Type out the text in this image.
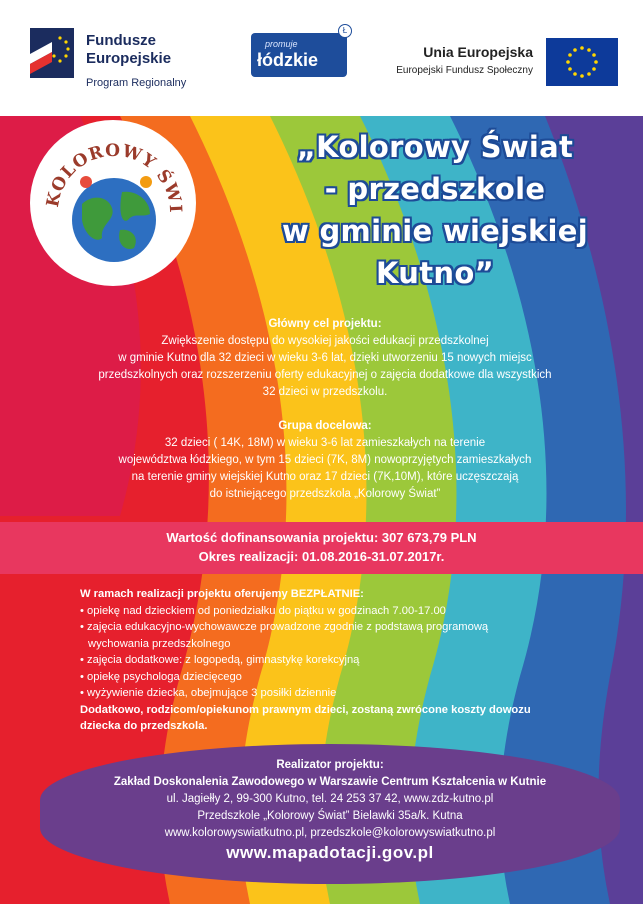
Fundusze
Europejskie
Program Regionalny
promuje
łódzkie
Ł
Unia Europejska
Europejski Fundusz Społeczny
KOLOROWY ŚWI
„Kolorowy Świat
- przedszkole
w gminie wiejskiej
Kutno”
Główny cel projektu:
Zwiększenie dostępu do wysokiej jakości edukacji przedszkolnej
w gminie Kutno dla 32 dzieci w wieku 3-6 lat, dzięki utworzeniu 15 nowych miejsc
przedszkolnych oraz rozszerzeniu oferty edukacyjnej o zajęcia dodatkowe dla wszystkich
32 dzieci w przedszkolu.
Grupa docelowa:
32 dzieci ( 14K, 18M) w wieku 3-6 lat zamieszkałych na terenie
województwa łódzkiego, w tym 15 dzieci (7K, 8M) nowoprzyjętych zamieszkałych
na terenie gminy wiejskiej Kutno oraz 17 dzieci (7K,10M), które uczęszczają
do istniejącego przedszkola „Kolorowy Świat”
Wartość dofinansowania projektu: 307 673,79 PLN
Okres realizacji: 01.08.2016-31.07.2017r.
W ramach realizacji projektu oferujemy BEZPŁATNIE:
• opiekę nad dzieckiem od poniedziałku do piątku w godzinach 7.00-17.00
• zajęcia edukacyjno-wychowawcze prowadzone zgodnie z podstawą programową
wychowania przedszkolnego
• zajęcia dodatkowe: z logopedą, gimnastykę korekcyjną
• opiekę psychologa dziecięcego
• wyżywienie dziecka, obejmujące 3 posiłki dziennie
Dodatkowo, rodzicom/opiekunom prawnym dzieci, zostaną zwrócone koszty dowozu
dziecka do przedszkola.
Realizator projektu:
Zakład Doskonalenia Zawodowego w Warszawie Centrum Kształcenia w Kutnie
ul. Jagiełły 2, 99-300 Kutno, tel. 24 253 37 42, www.zdz-kutno.pl
Przedszkole „Kolorowy Świat” Bielawki 35a/k. Kutna
www.kolorowyswiatkutno.pl, przedszkole@kolorowyswiatkutno.pl
www.mapadotacji.gov.pl
